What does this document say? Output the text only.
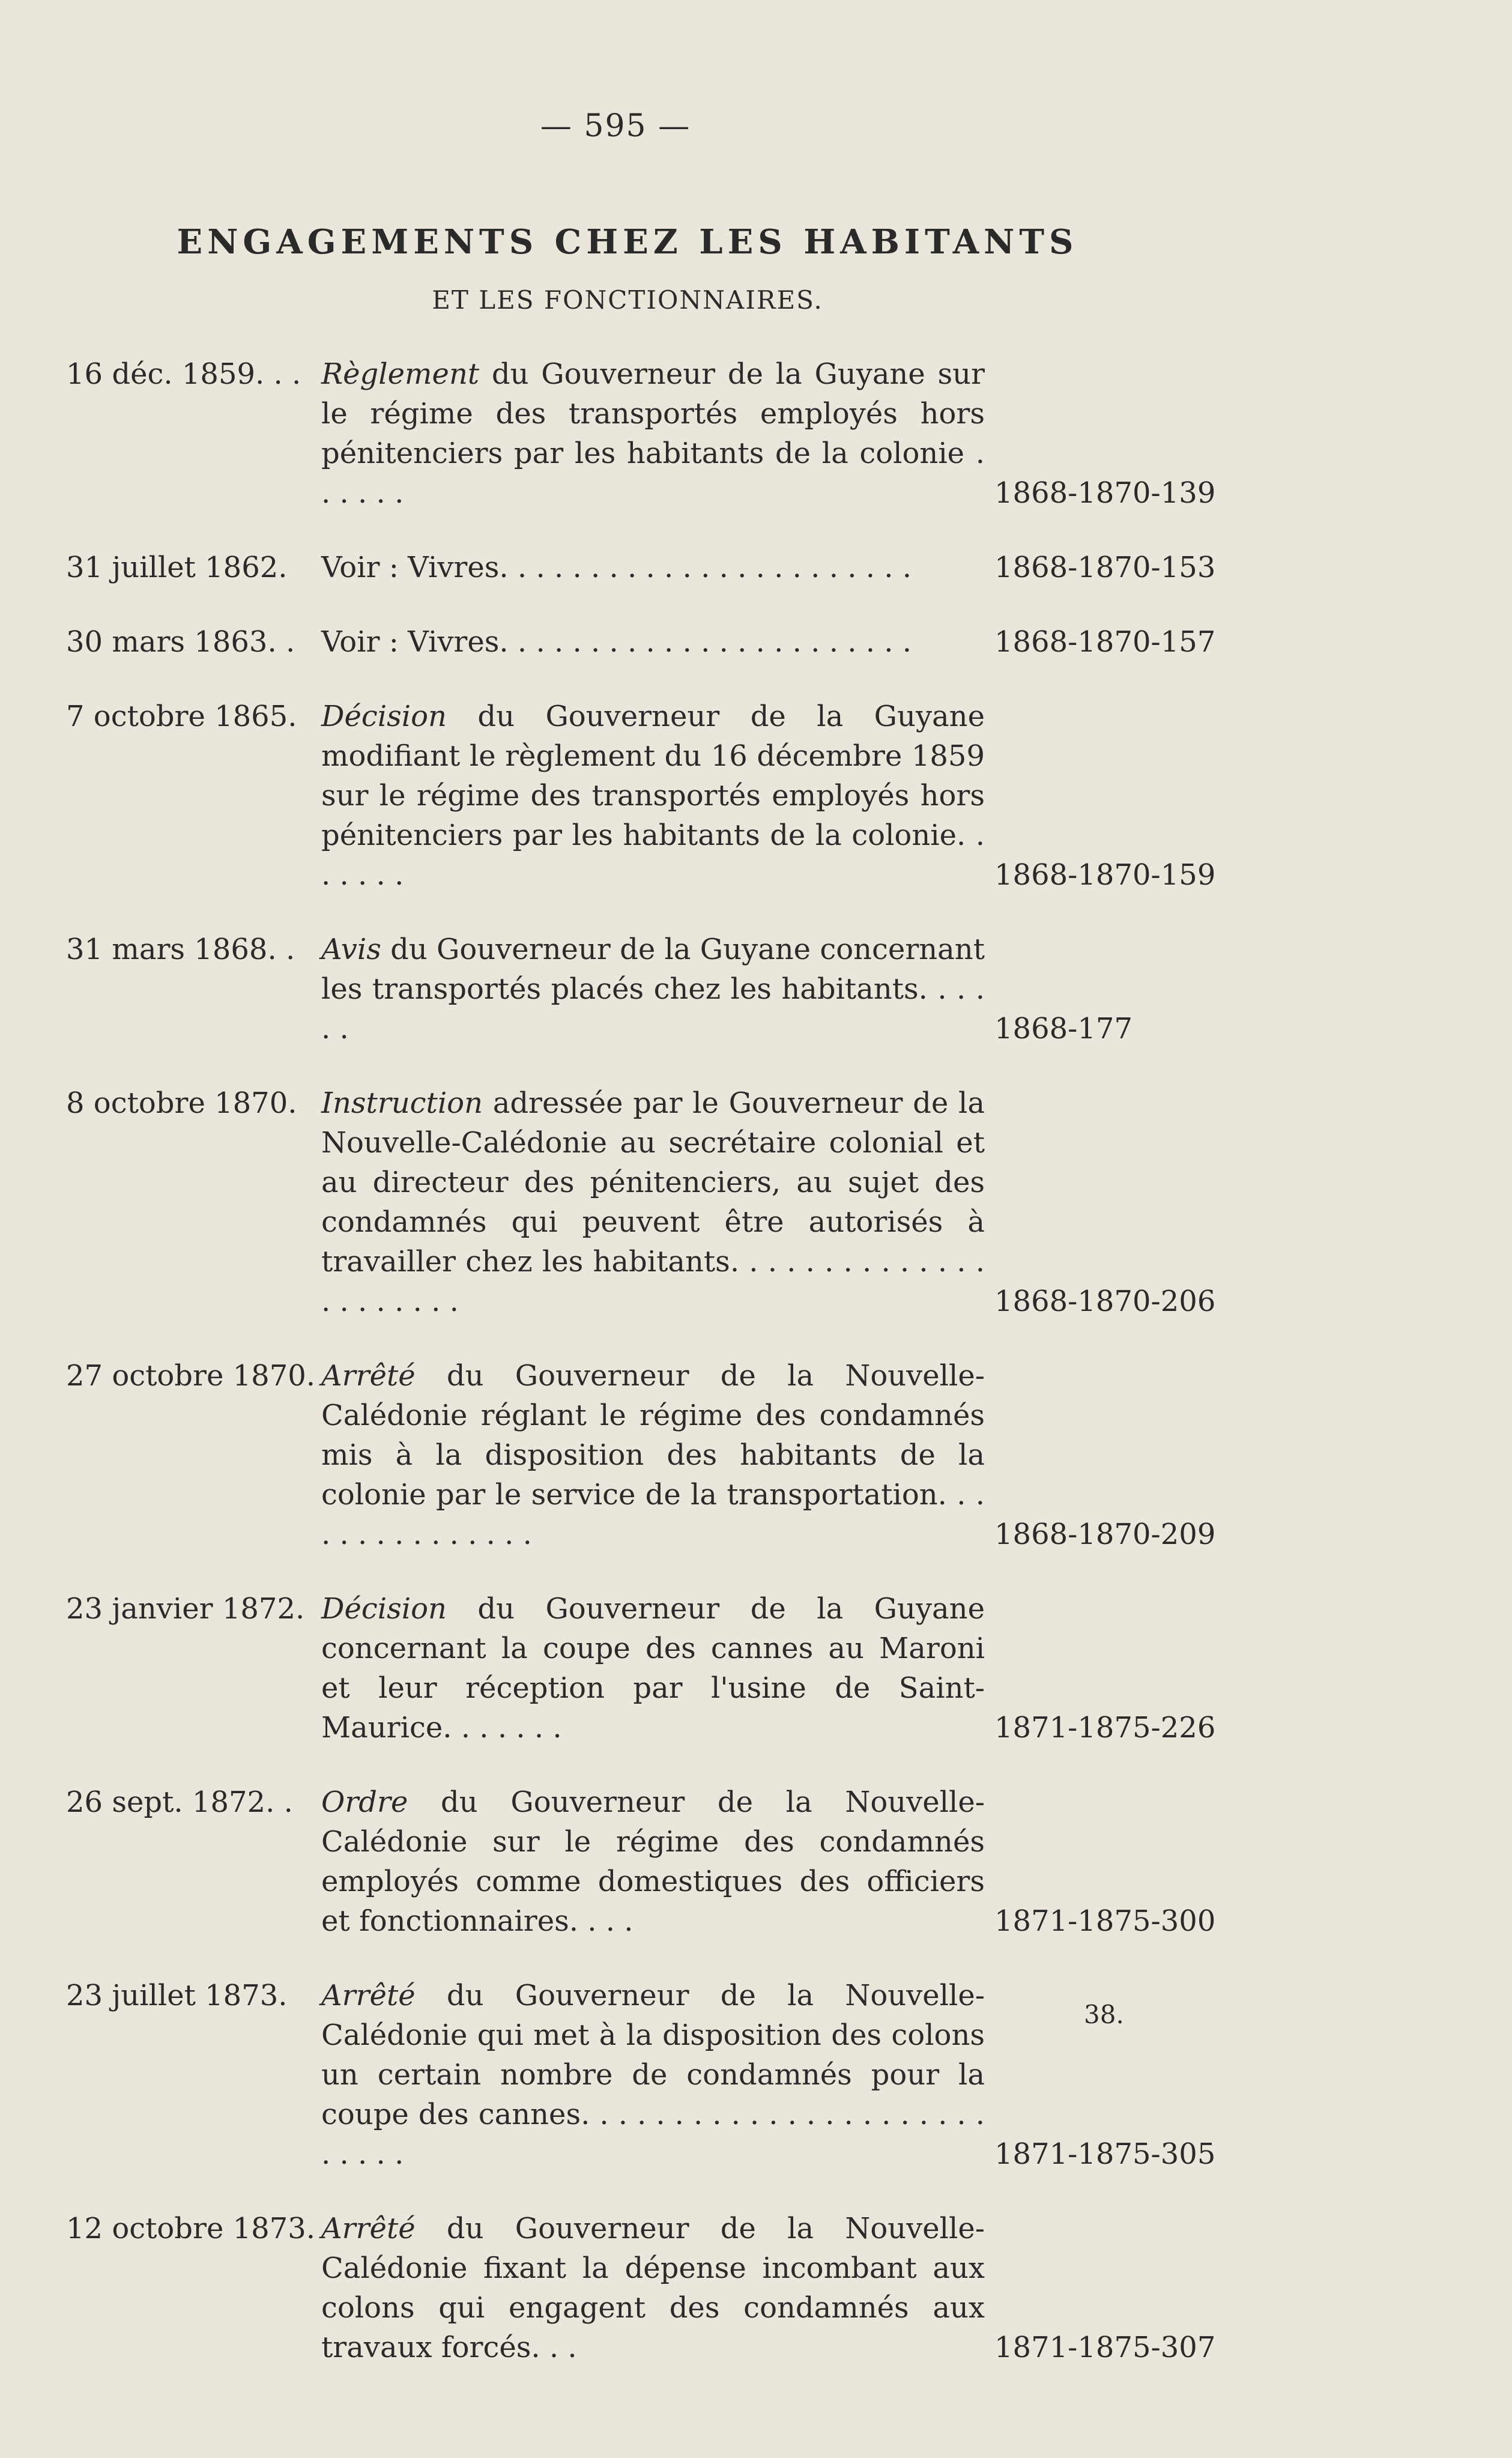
— 595 —
ENGAGEMENTS CHEZ LES HABITANTS
ET LES FONCTIONNAIRES.
16 déc. 1859. . . Règlement du Gouverneur de la Guyane sur le régime des transportés employés hors pénitenciers par les habitants de la colonie . . . . . .	1868-1870-139
31 juillet 1862.	Voir : Vivres. . . . . . . . . . . . . . . . . . . . . . .	1868-1870-153
30 mars 1863. . Voir : Vivres. . . . . . . . . . . . . . . . . . . . . . .	1868-1870-157
7 octobre 1865. Décision du Gouverneur de la Guyane modifiant le règlement du 16 décembre 1859 sur le régime des transportés employés hors pénitenciers par les habitants de la colonie. . . . . . .	1868-1870-159
31 mars 1868. . Avis du Gouverneur de la Guyane concernant les transportés placés chez les habitants. . . . . .	1868-177
8 octobre 1870. Instruction adressée par le Gouverneur de la Nouvelle-Calédonie au secrétaire colonial et au directeur des pénitenciers, au sujet des condamnés qui peuvent être autorisés à travailler chez les habitants. . . . . . . . . . . . . . . . . . . . . .	1868-1870-206
27 octobre 1870. Arrêté du Gouverneur de la Nouvelle-Calédonie réglant le régime des condamnés mis à la disposition des habitants de la colonie par le service de la transportation. . . . . . . . . . . . . . .	1868-1870-209
23 janvier 1872. Décision du Gouverneur de la Guyane concernant la coupe des cannes au Maroni et leur réception par l'usine de Saint-Maurice. . . . . . .	1871-1875-226
26 sept. 1872. . Ordre du Gouverneur de la Nouvelle-Calédonie sur le régime des condamnés employés comme domestiques des officiers et fonctionnaires. . . .	1871-1875-300
23 juillet 1873.	Arrêté du Gouverneur de la Nouvelle-Calédonie qui met à la disposition des colons un certain nombre de condamnés pour la coupe des cannes. . . . . . . . . . . . . . . . . . . . . . . . . . .	1871-1875-305
12 octobre 1873. Arrêté du Gouverneur de la Nouvelle-Calédonie fixant la dépense incombant aux colons qui engagent des condamnés aux travaux forcés. . .	1871-1875-307
38.
